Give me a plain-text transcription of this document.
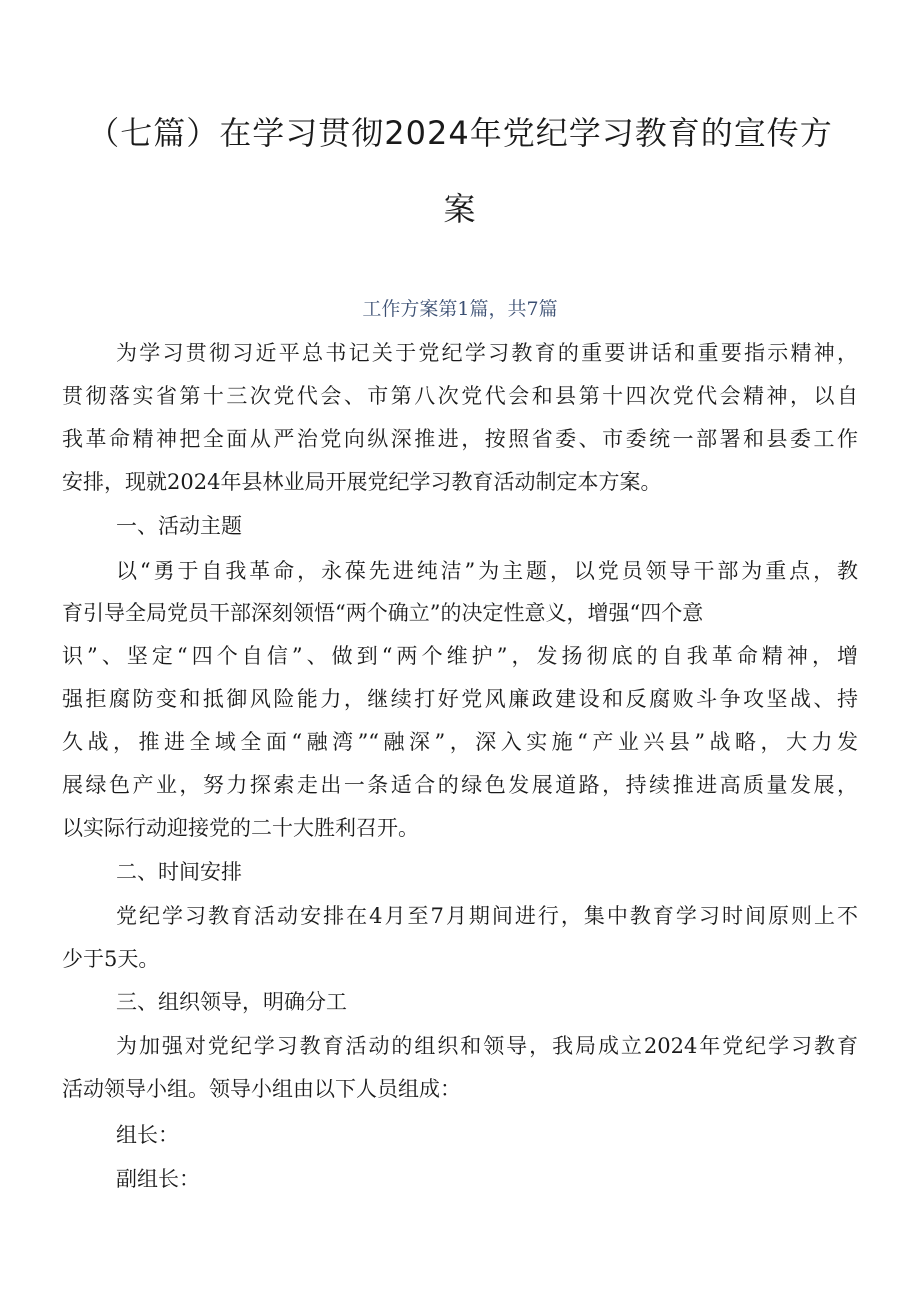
（七篇）在学习贯彻2024年党纪学习教育的宣传方
案
工作方案第1篇，共7篇
为学习贯彻习近平总书记关于党纪学习教育的重要讲话和重要指示精神，
贯彻落实省第十三次党代会、市第八次党代会和县第十四次党代会精神，以自
我革命精神把全面从严治党向纵深推进，按照省委、市委统一部署和县委工作
安排，现就2024年县林业局开展党纪学习教育活动制定本方案。
一、活动主题
以“勇于自我革命，永葆先进纯洁”为主题，以党员领导干部为重点，教
育引导全局党员干部深刻领悟“两个确立”的决定性意义，增强“四个意
识”、坚定“四个自信”、做到“两个维护”，发扬彻底的自我革命精神，增
强拒腐防变和抵御风险能力，继续打好党风廉政建设和反腐败斗争攻坚战、持
久战，推进全域全面“融湾”“融深”，深入实施“产业兴县”战略，大力发
展绿色产业，努力探索走出一条适合的绿色发展道路，持续推进高质量发展，
以实际行动迎接党的二十大胜利召开。
二、时间安排
党纪学习教育活动安排在4月至7月期间进行，集中教育学习时间原则上不
少于5天。
三、组织领导，明确分工
为加强对党纪学习教育活动的组织和领导，我局成立2024年党纪学习教育
活动领导小组。领导小组由以下人员组成：
组长：
副组长：
